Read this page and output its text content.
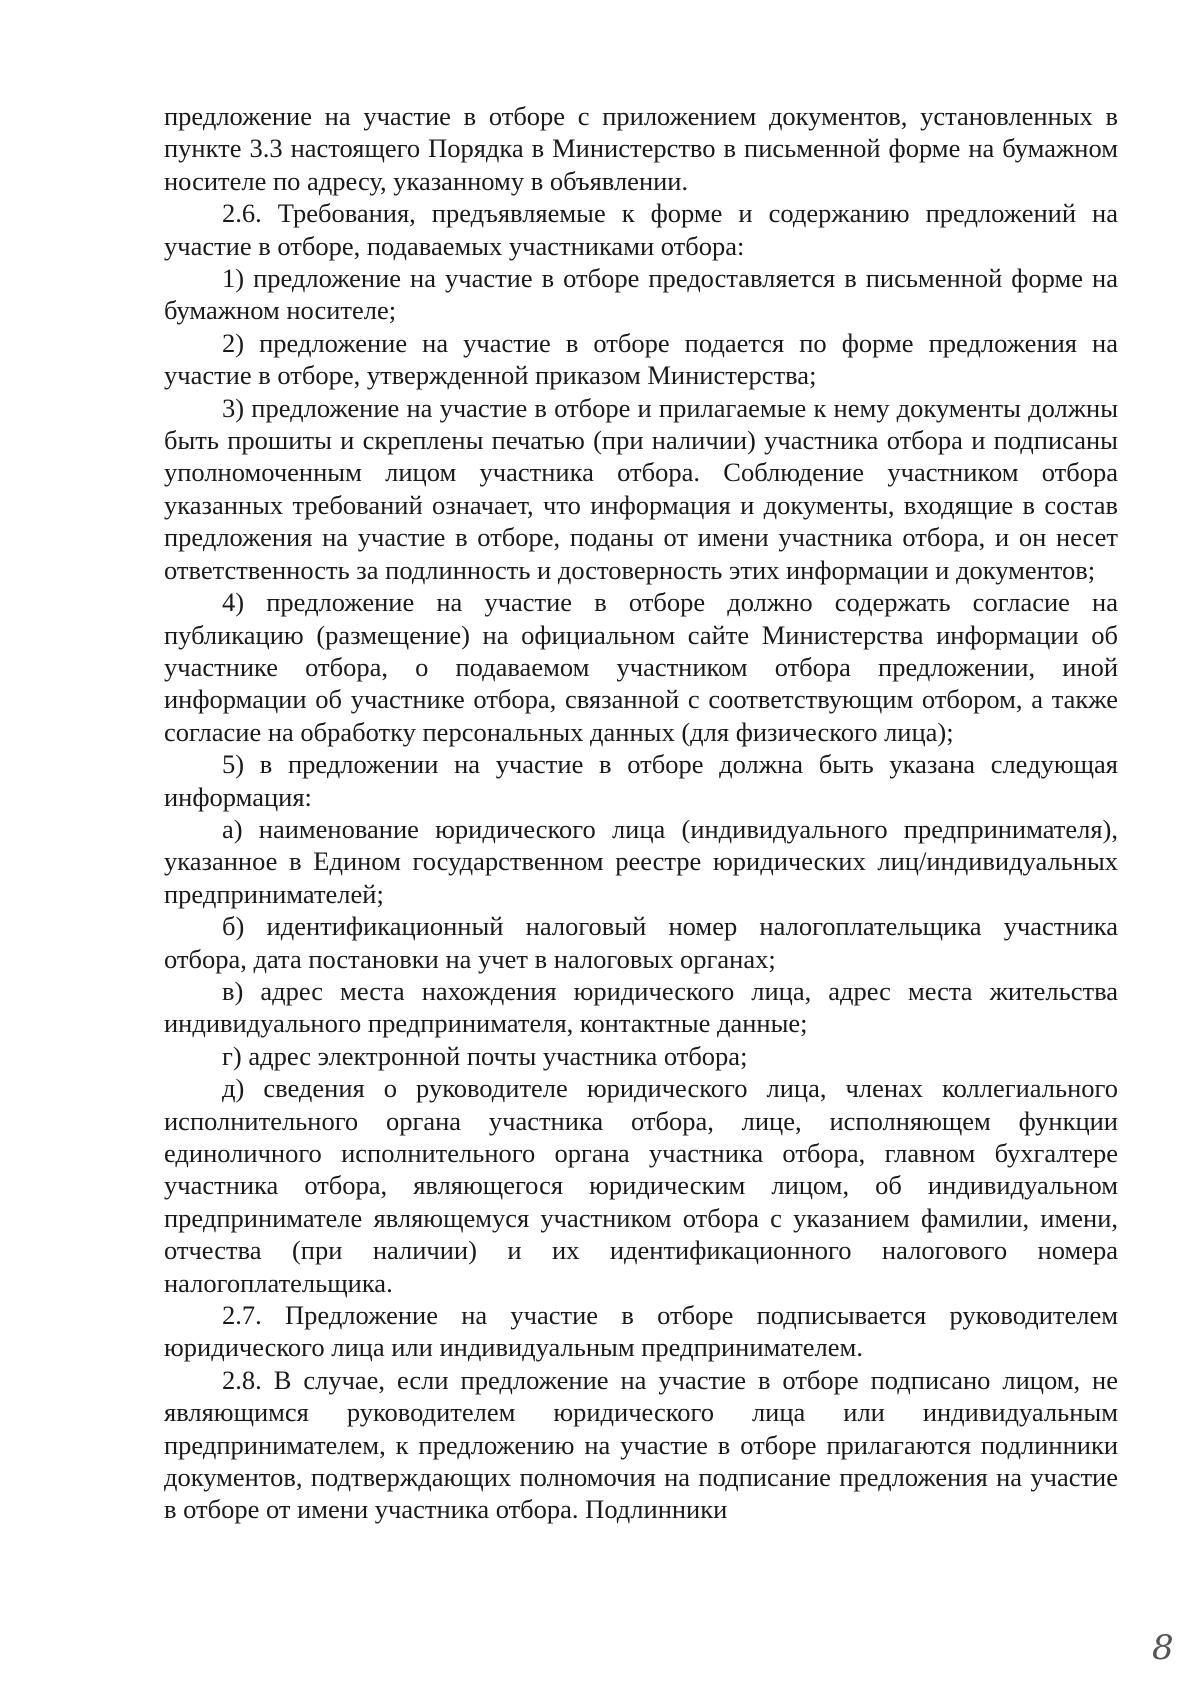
предложение на участие в отборе с приложением документов, установленных в пункте 3.3 настоящего Порядка в Министерство в письменной форме на бумажном носителе по адресу, указанному в объявлении.

2.6. Требования, предъявляемые к форме и содержанию предложений на участие в отборе, подаваемых участниками отбора:

1) предложение на участие в отборе предоставляется в письменной форме на бумажном носителе;

2) предложение на участие в отборе подается по форме предложения на участие в отборе, утвержденной приказом Министерства;

3) предложение на участие в отборе и прилагаемые к нему документы должны быть прошиты и скреплены печатью (при наличии) участника отбора и подписаны уполномоченным лицом участника отбора. Соблюдение участником отбора указанных требований означает, что информация и документы, входящие в состав предложения на участие в отборе, поданы от имени участника отбора, и он несет ответственность за подлинность и достоверность этих информации и документов;

4) предложение на участие в отборе должно содержать согласие на публикацию (размещение) на официальном сайте Министерства информации об участнике отбора, о подаваемом участником отбора предложении, иной информации об участнике отбора, связанной с соответствующим отбором, а также согласие на обработку персональных данных (для физического лица);

5) в предложении на участие в отборе должна быть указана следующая информация:

а) наименование юридического лица (индивидуального предпринимателя), указанное в Едином государственном реестре юридических лиц/индивидуальных предпринимателей;

б) идентификационный налоговый номер налогоплательщика участника отбора, дата постановки на учет в налоговых органах;

в) адрес места нахождения юридического лица, адрес места жительства индивидуального предпринимателя, контактные данные;

г) адрес электронной почты участника отбора;

д) сведения о руководителе юридического лица, членах коллегиального исполнительного органа участника отбора, лице, исполняющем функции единоличного исполнительного органа участника отбора, главном бухгалтере участника отбора, являющегося юридическим лицом, об индивидуальном предпринимателе являющемуся участником отбора с указанием фамилии, имени, отчества (при наличии) и их идентификационного налогового номера налогоплательщика.

2.7. Предложение на участие в отборе подписывается руководителем юридического лица или индивидуальным предпринимателем.

2.8. В случае, если предложение на участие в отборе подписано лицом, не являющимся руководителем юридического лица или индивидуальным предпринимателем, к предложению на участие в отборе прилагаются подлинники документов, подтверждающих полномочия на подписание предложения на участие в отборе от имени участника отбора. Подлинники

8
